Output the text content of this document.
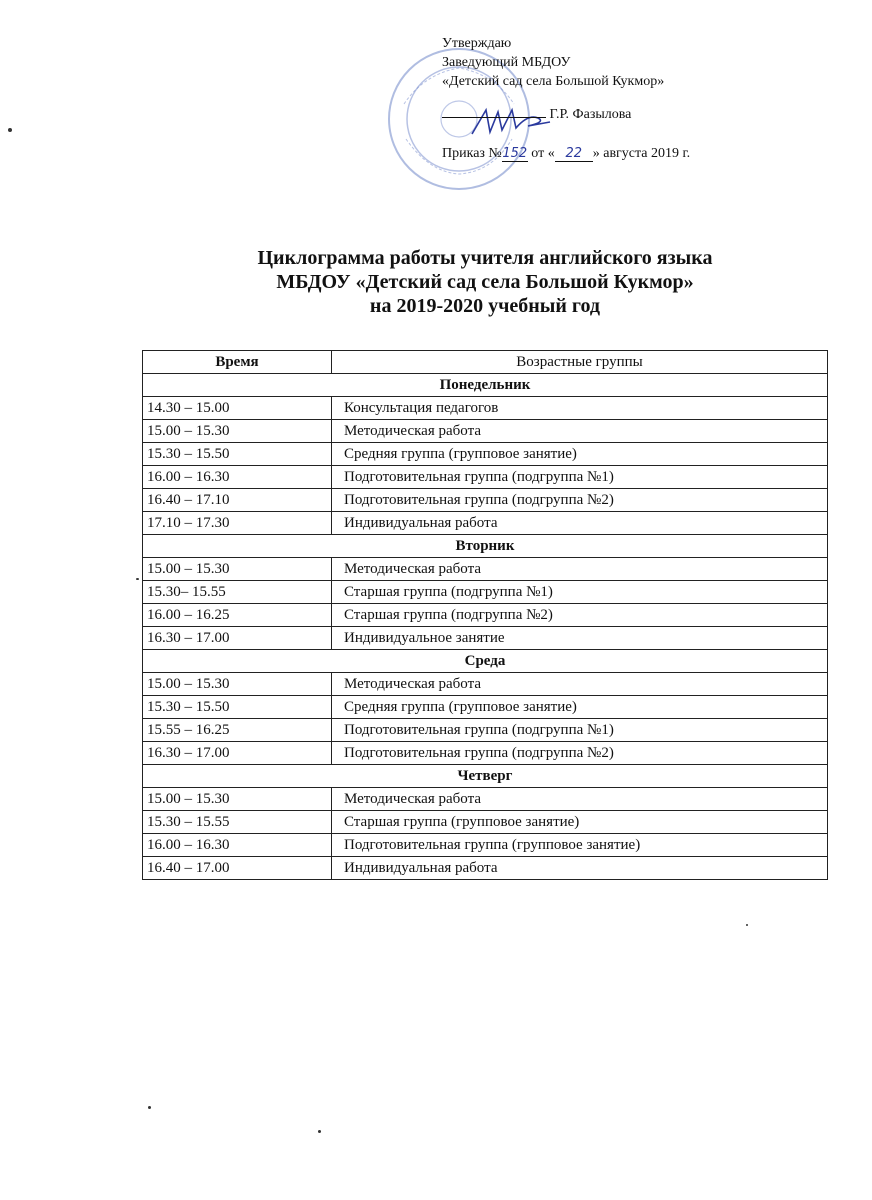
Утверждаю
Заведующий МБДОУ
«Детский сад села Большой Кукмор»
Г.Р. Фазылова
Приказ №152 от « 22 » августа 2019 г.
Циклограмма работы учителя английского языка
МБДОУ «Детский сад села Большой Кукмор»
на 2019-2020 учебный год
Время	Возрастные группы
Понедельник	
14.30 – 15.00	Консультация педагогов
15.00 – 15.30	Методическая работа
15.30 – 15.50	Средняя группа (групповое занятие)
16.00 – 16.30	Подготовительная группа (подгруппа №1)
16.40 – 17.10	Подготовительная группа (подгруппа №2)
17.10 – 17.30	Индивидуальная работа
Вторник	
15.00 – 15.30	Методическая работа
15.30– 15.55	Старшая группа (подгруппа №1)
16.00 – 16.25	Старшая группа (подгруппа №2)
16.30 – 17.00	Индивидуальное занятие
Среда	
15.00 – 15.30	Методическая работа
15.30 – 15.50	Средняя группа (групповое занятие)
15.55 – 16.25	Подготовительная группа (подгруппа №1)
16.30 – 17.00	Подготовительная группа (подгруппа №2)
Четверг	
15.00 – 15.30	Методическая работа
15.30 – 15.55	Старшая группа (групповое занятие)
16.00 – 16.30	Подготовительная группа (групповое занятие)
16.40 – 17.00	Индивидуальная работа
